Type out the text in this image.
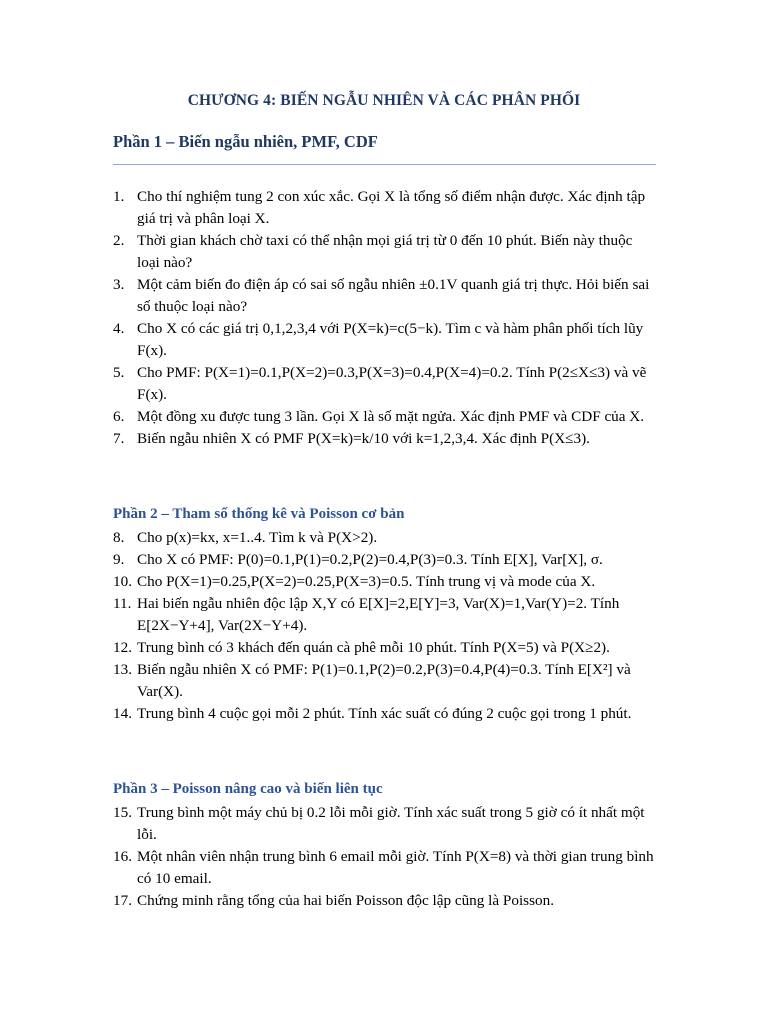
CHƯƠNG 4: BIẾN NGẪU NHIÊN VÀ CÁC PHÂN PHỐI
Phần 1 – Biến ngẫu nhiên, PMF, CDF
1. Cho thí nghiệm tung 2 con xúc xắc. Gọi X là tổng số điểm nhận được. Xác định tập giá trị và phân loại X.
2. Thời gian khách chờ taxi có thể nhận mọi giá trị từ 0 đến 10 phút. Biến này thuộc loại nào?
3. Một cảm biến đo điện áp có sai số ngẫu nhiên ±0.1V quanh giá trị thực. Hỏi biến sai số thuộc loại nào?
4. Cho X có các giá trị 0,1,2,3,4 với P(X=k)=c(5−k). Tìm c và hàm phân phối tích lũy F(x).
5. Cho PMF: P(X=1)=0.1,P(X=2)=0.3,P(X=3)=0.4,P(X=4)=0.2. Tính P(2≤X≤3) và vẽ F(x).
6. Một đồng xu được tung 3 lần. Gọi X là số mặt ngửa. Xác định PMF và CDF của X.
7. Biến ngẫu nhiên X có PMF P(X=k)=k/10 với k=1,2,3,4. Xác định P(X≤3).
Phần 2 – Tham số thống kê và Poisson cơ bản
8. Cho p(x)=kx, x=1..4. Tìm k và P(X>2).
9. Cho X có PMF: P(0)=0.1,P(1)=0.2,P(2)=0.4,P(3)=0.3. Tính E[X], Var[X], σ.
10. Cho P(X=1)=0.25,P(X=2)=0.25,P(X=3)=0.5. Tính trung vị và mode của X.
11. Hai biến ngẫu nhiên độc lập X,Y có E[X]=2,E[Y]=3, Var(X)=1,Var(Y)=2. Tính E[2X−Y+4], Var(2X−Y+4).
12. Trung bình có 3 khách đến quán cà phê mỗi 10 phút. Tính P(X=5) và P(X≥2).
13. Biến ngẫu nhiên X có PMF: P(1)=0.1,P(2)=0.2,P(3)=0.4,P(4)=0.3. Tính E[X²] và Var(X).
14. Trung bình 4 cuộc gọi mỗi 2 phút. Tính xác suất có đúng 2 cuộc gọi trong 1 phút.
Phần 3 – Poisson nâng cao và biến liên tục
15. Trung bình một máy chủ bị 0.2 lỗi mỗi giờ. Tính xác suất trong 5 giờ có ít nhất một lỗi.
16. Một nhân viên nhận trung bình 6 email mỗi giờ. Tính P(X=8) và thời gian trung bình có 10 email.
17. Chứng minh rằng tổng của hai biến Poisson độc lập cũng là Poisson.
